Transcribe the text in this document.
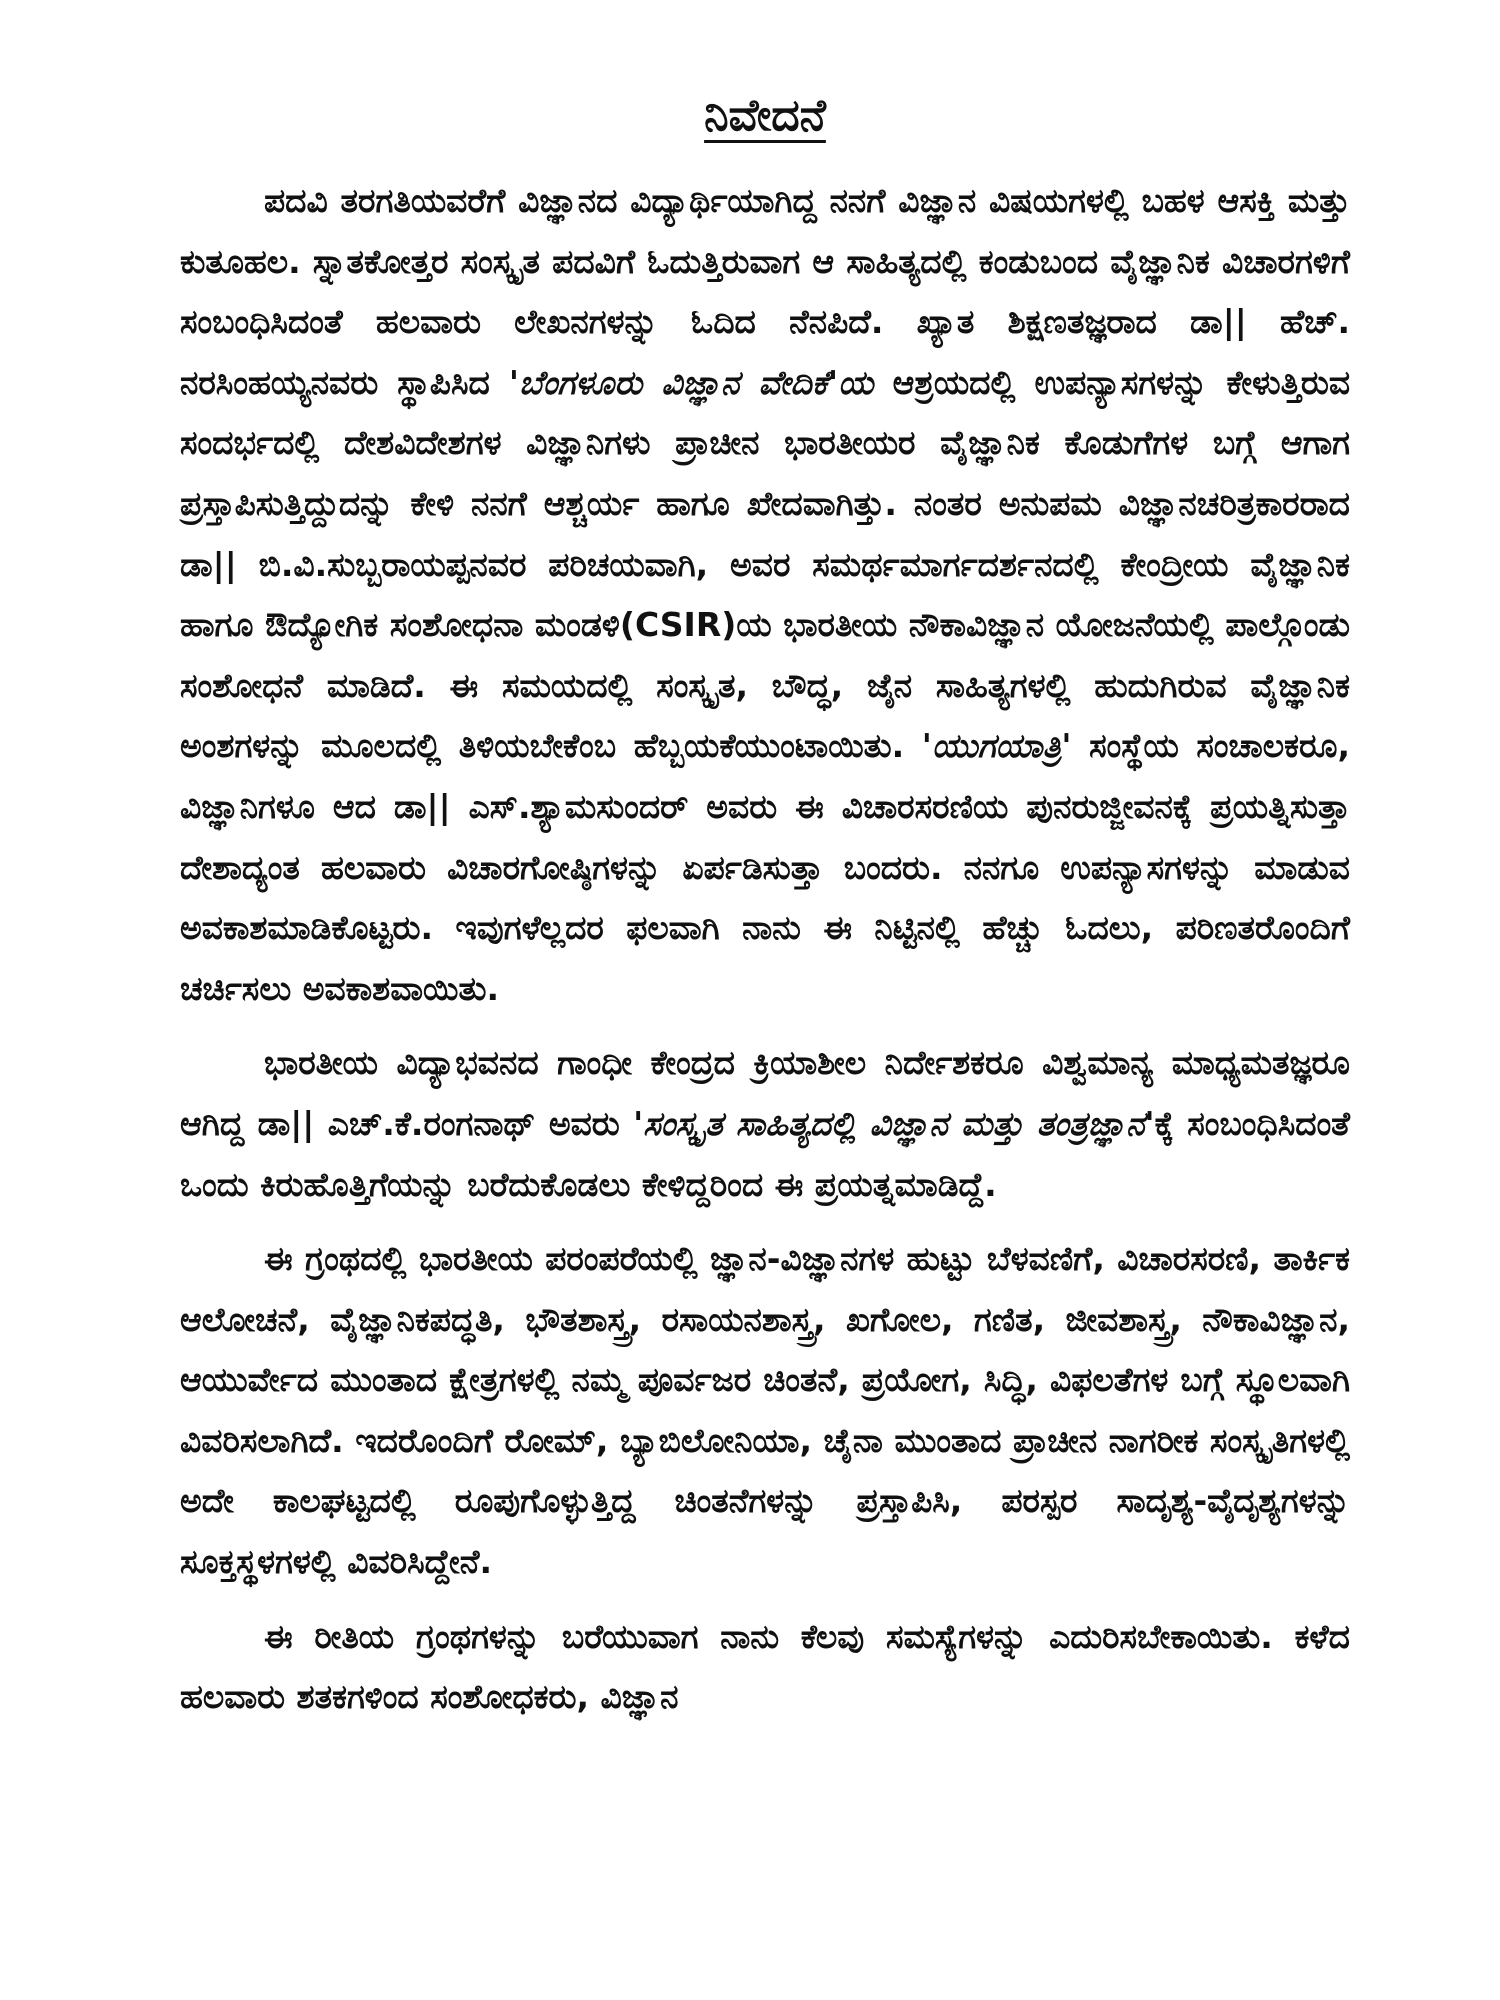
ನಿವೇದನೆ

ಪದವಿ ತರಗತಿಯವರೆಗೆ ವಿಜ್ಞಾನದ ವಿದ್ಯಾರ್ಥಿಯಾಗಿದ್ದ ನನಗೆ ವಿಜ್ಞಾನ ವಿಷಯಗಳಲ್ಲಿ ಬಹಳ ಆಸಕ್ತಿ ಮತ್ತು ಕುತೂಹಲ. ಸ್ನಾತಕೋತ್ತರ ಸಂಸ್ಕೃತ ಪದವಿಗೆ ಓದುತ್ತಿರುವಾಗ ಆ ಸಾಹಿತ್ಯದಲ್ಲಿ ಕಂಡುಬಂದ ವೈಜ್ಞಾನಿಕ ವಿಚಾರಗಳಿಗೆ ಸಂಬಂಧಿಸಿದಂತೆ ಹಲವಾರು ಲೇಖನಗಳನ್ನು ಓದಿದ ನೆನಪಿದೆ. ಖ್ಯಾತ ಶಿಕ್ಷಣತಜ್ಞರಾದ ಡಾ|| ಹೆಚ್. ನರಸಿಂಹಯ್ಯನವರು ಸ್ಥಾಪಿಸಿದ 'ಬೆಂಗಳೂರು ವಿಜ್ಞಾನ ವೇದಿಕೆ'ಯ ಆಶ್ರಯದಲ್ಲಿ ಉಪನ್ಯಾಸಗಳನ್ನು ಕೇಳುತ್ತಿರುವ ಸಂದರ್ಭದಲ್ಲಿ ದೇಶವಿದೇಶಗಳ ವಿಜ್ಞಾನಿಗಳು ಪ್ರಾಚೀನ ಭಾರತೀಯರ ವೈಜ್ಞಾನಿಕ ಕೊಡುಗೆಗಳ ಬಗ್ಗೆ ಆಗಾಗ ಪ್ರಸ್ತಾಪಿಸುತ್ತಿದ್ದುದನ್ನು ಕೇಳಿ ನನಗೆ ಆಶ್ಚರ್ಯ ಹಾಗೂ ಖೇದವಾಗಿತ್ತು. ನಂತರ ಅನುಪಮ ವಿಜ್ಞಾನಚರಿತ್ರಕಾರರಾದ ಡಾ|| ಬಿ.ವಿ.ಸುಬ್ಬರಾಯಪ್ಪನವರ ಪರಿಚಯವಾಗಿ, ಅವರ ಸಮರ್ಥಮಾರ್ಗದರ್ಶನದಲ್ಲಿ ಕೇಂದ್ರೀಯ ವೈಜ್ಞಾನಿಕ ಹಾಗೂ ಔದ್ಯೋಗಿಕ ಸಂಶೋಧನಾ ಮಂಡಳಿ(CSIR)ಯ ಭಾರತೀಯ ನೌಕಾವಿಜ್ಞಾನ ಯೋಜನೆಯಲ್ಲಿ ಪಾಲ್ಗೊಂಡು ಸಂಶೋಧನೆ ಮಾಡಿದೆ. ಈ ಸಮಯದಲ್ಲಿ ಸಂಸ್ಕೃತ, ಬೌದ್ಧ, ಜೈನ ಸಾಹಿತ್ಯಗಳಲ್ಲಿ ಹುದುಗಿರುವ ವೈಜ್ಞಾನಿಕ ಅಂಶಗಳನ್ನು ಮೂಲದಲ್ಲಿ ತಿಳಿಯಬೇಕೆಂಬ ಹೆಬ್ಬಯಕೆಯುಂಟಾಯಿತು. 'ಯುಗಯಾತ್ರಿ' ಸಂಸ್ಥೆಯ ಸಂಚಾಲಕರೂ, ವಿಜ್ಞಾನಿಗಳೂ ಆದ ಡಾ|| ಎಸ್.ಶ್ಯಾಮಸುಂದರ್ ಅವರು ಈ ವಿಚಾರಸರಣಿಯ ಪುನರುಜ್ಜೀವನಕ್ಕೆ ಪ್ರಯತ್ನಿಸುತ್ತಾ ದೇಶಾದ್ಯಂತ ಹಲವಾರು ವಿಚಾರಗೋಷ್ಠಿಗಳನ್ನು ಏರ್ಪಡಿಸುತ್ತಾ ಬಂದರು. ನನಗೂ ಉಪನ್ಯಾಸಗಳನ್ನು ಮಾಡುವ ಅವಕಾಶಮಾಡಿಕೊಟ್ಟರು. ಇವುಗಳೆಲ್ಲದರ ಫಲವಾಗಿ ನಾನು ಈ ನಿಟ್ಟಿನಲ್ಲಿ ಹೆಚ್ಚು ಓದಲು, ಪರಿಣತರೊಂದಿಗೆ ಚರ್ಚಿಸಲು ಅವಕಾಶವಾಯಿತು.

ಭಾರತೀಯ ವಿದ್ಯಾಭವನದ ಗಾಂಧೀ ಕೇಂದ್ರದ ಕ್ರಿಯಾಶೀಲ ನಿರ್ದೇಶಕರೂ ವಿಶ್ವಮಾನ್ಯ ಮಾಧ್ಯಮತಜ್ಞರೂ ಆಗಿದ್ದ ಡಾ|| ಎಚ್.ಕೆ.ರಂಗನಾಥ್ ಅವರು 'ಸಂಸ್ಕೃತ ಸಾಹಿತ್ಯದಲ್ಲಿ ವಿಜ್ಞಾನ ಮತ್ತು ತಂತ್ರಜ್ಞಾನ'ಕ್ಕೆ ಸಂಬಂಧಿಸಿದಂತೆ ಒಂದು ಕಿರುಹೊತ್ತಿಗೆಯನ್ನು ಬರೆದುಕೊಡಲು ಕೇಳಿದ್ದರಿಂದ ಈ ಪ್ರಯತ್ನಮಾಡಿದ್ದೆ.

ಈ ಗ್ರಂಥದಲ್ಲಿ ಭಾರತೀಯ ಪರಂಪರೆಯಲ್ಲಿ ಜ್ಞಾನ-ವಿಜ್ಞಾನಗಳ ಹುಟ್ಟು ಬೆಳವಣಿಗೆ, ವಿಚಾರಸರಣಿ, ತಾರ್ಕಿಕ ಆಲೋಚನೆ, ವೈಜ್ಞಾನಿಕಪದ್ಧತಿ, ಭೌತಶಾಸ್ತ್ರ, ರಸಾಯನಶಾಸ್ತ್ರ, ಖಗೋಲ, ಗಣಿತ, ಜೀವಶಾಸ್ತ್ರ, ನೌಕಾವಿಜ್ಞಾನ, ಆಯುರ್ವೇದ ಮುಂತಾದ ಕ್ಷೇತ್ರಗಳಲ್ಲಿ ನಮ್ಮ ಪೂರ್ವಜರ ಚಿಂತನೆ, ಪ್ರಯೋಗ, ಸಿದ್ಧಿ, ವಿಫಲತೆಗಳ ಬಗ್ಗೆ ಸ್ಥೂಲವಾಗಿ ವಿವರಿಸಲಾಗಿದೆ. ಇದರೊಂದಿಗೆ ರೋಮ್, ಬ್ಯಾಬಿಲೋನಿಯಾ, ಚೈನಾ ಮುಂತಾದ ಪ್ರಾಚೀನ ನಾಗರೀಕ ಸಂಸ್ಕೃತಿಗಳಲ್ಲಿ ಅದೇ ಕಾಲಘಟ್ಟದಲ್ಲಿ ರೂಪುಗೊಳ್ಳುತ್ತಿದ್ದ ಚಿಂತನೆಗಳನ್ನು ಪ್ರಸ್ತಾಪಿಸಿ, ಪರಸ್ಪರ ಸಾದೃಶ್ಯ-ವೈದೃಶ್ಯಗಳನ್ನು ಸೂಕ್ತಸ್ಥಳಗಳಲ್ಲಿ ವಿವರಿಸಿದ್ದೇನೆ.

ಈ ರೀತಿಯ ಗ್ರಂಥಗಳನ್ನು ಬರೆಯುವಾಗ ನಾನು ಕೆಲವು ಸಮಸ್ಯೆಗಳನ್ನು ಎದುರಿಸಬೇಕಾಯಿತು. ಕಳೆದ ಹಲವಾರು ಶತಕಗಳಿಂದ ಸಂಶೋಧಕರು, ವಿಜ್ಞಾನ
